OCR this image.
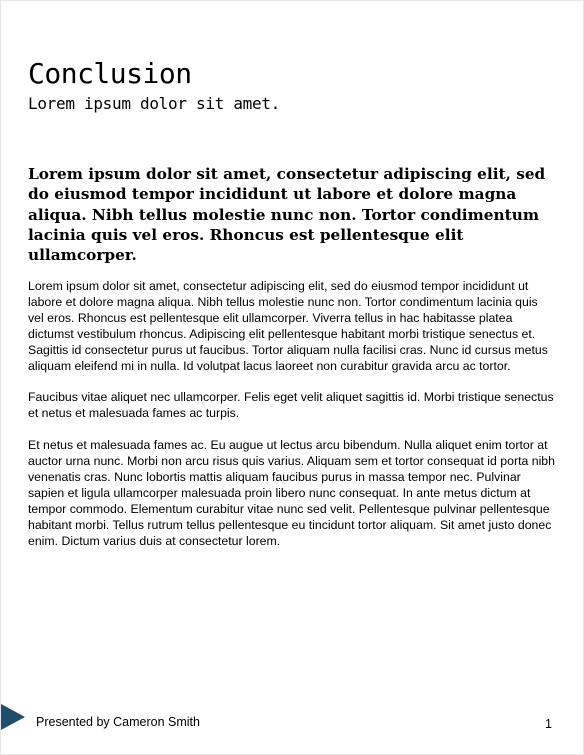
Conclusion
Lorem ipsum dolor sit amet.

Lorem ipsum dolor sit amet, consectetur adipiscing elit, sed do eiusmod tempor incididunt ut labore et dolore magna aliqua. Nibh tellus molestie nunc non. Tortor condimentum lacinia quis vel eros. Rhoncus est pellentesque elit ullamcorper.

Lorem ipsum dolor sit amet, consectetur adipiscing elit, sed do eiusmod tempor incididunt ut labore et dolore magna aliqua. Nibh tellus molestie nunc non. Tortor condimentum lacinia quis vel eros. Rhoncus est pellentesque elit ullamcorper. Viverra tellus in hac habitasse platea dictumst vestibulum rhoncus. Adipiscing elit pellentesque habitant morbi tristique senectus et. Sagittis id consectetur purus ut faucibus. Tortor aliquam nulla facilisi cras. Nunc id cursus metus aliquam eleifend mi in nulla. Id volutpat lacus laoreet non curabitur gravida arcu ac tortor.

Faucibus vitae aliquet nec ullamcorper. Felis eget velit aliquet sagittis id. Morbi tristique senectus et netus et malesuada fames ac turpis.

Et netus et malesuada fames ac. Eu augue ut lectus arcu bibendum. Nulla aliquet enim tortor at auctor urna nunc. Morbi non arcu risus quis varius. Aliquam sem et tortor consequat id porta nibh venenatis cras. Nunc lobortis mattis aliquam faucibus purus in massa tempor nec. Pulvinar sapien et ligula ullamcorper malesuada proin libero nunc consequat. In ante metus dictum at tempor commodo. Elementum curabitur vitae nunc sed velit. Pellentesque pulvinar pellentesque habitant morbi. Tellus rutrum tellus pellentesque eu tincidunt tortor aliquam. Sit amet justo donec enim. Dictum varius duis at consectetur lorem.

Presented by Cameron Smith	1
